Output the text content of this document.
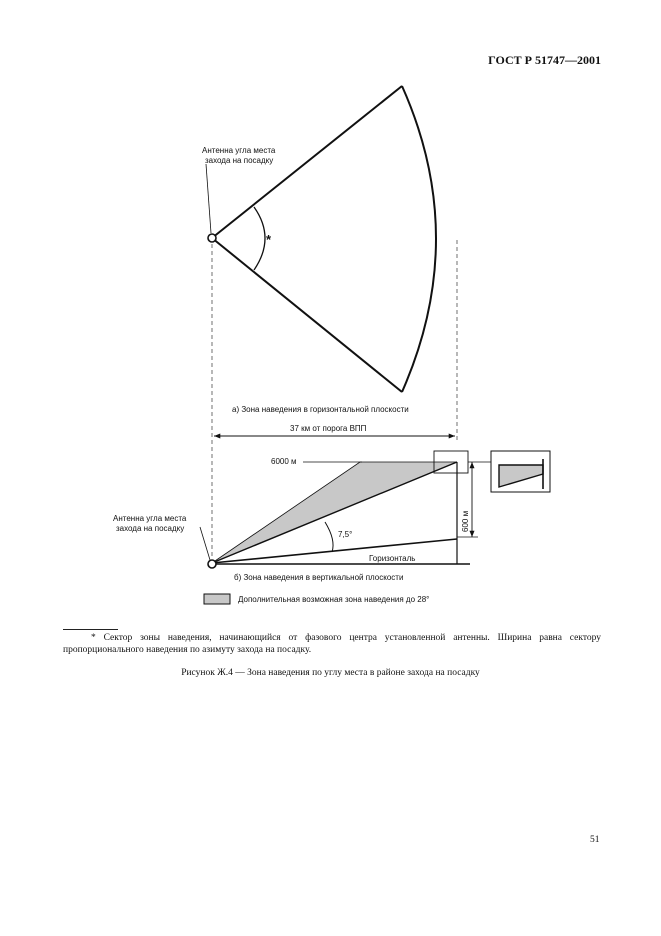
ГОСТ Р 51747—2001
*
Антенна угла места
захода на посадку
а) Зона наведения в горизонтальной плоскости
37 км от порога ВПП
6000 м
7,5°
Горизонталь
600 м
Антенна угла места
захода на посадку
б) Зона наведения в вертикальной плоскости
Дополнительная возможная зона наведения до 28°
* Сектор зоны наведения, начинающийся от фазового центра установленной антенны. Ширина равна сектору пропорционального наведения по азимуту захода на посадку.
Рисунок Ж.4 — Зона наведения по углу места в районе захода на посадку
51
